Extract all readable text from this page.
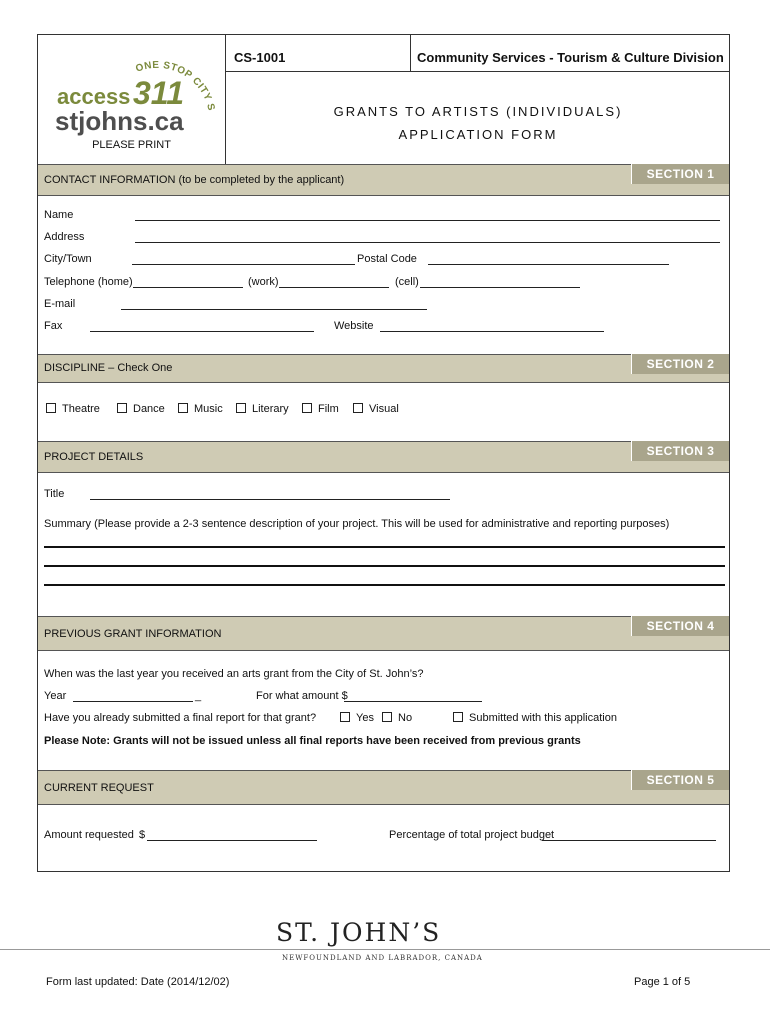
ONE STOP CITY S
access 311
stjohns.ca
PLEASE PRINT
CS-1001	Community Services - Tourism & Culture Division
GRANTS TO ARTISTS (INDIVIDUALS)
APPLICATION FORM
CONTACT INFORMATION (to be completed by the applicant)	SECTION 1
Name
Address
City/Town	Postal Code
Telephone (home)	(work)	(cell)
E-mail
Fax	Website
DISCIPLINE – Check One	SECTION 2
Theatre	Dance	Music	Literary	Film	Visual
PROJECT DETAILS	SECTION 3
Title
Summary (Please provide a 2-3 sentence description of your project. This will be used for administrative and reporting purposes)
PREVIOUS GRANT INFORMATION
SECTION 4
When was the last year you received an arts grant from the City of St. John’s?
Year	_	For what amount $
Have you already submitted a final report for that grant?	Yes	No	Submitted with this application
Please Note: Grants will not be issued unless all final reports have been received from previous grants
CURRENT REQUEST
SECTION 5
Amount requested $	Percentage of total project budget
ST. JOHN’S
NEWFOUNDLAND AND LABRADOR, CANADA
Form last updated: Date (2014/12/02)	Page 1 of 5
